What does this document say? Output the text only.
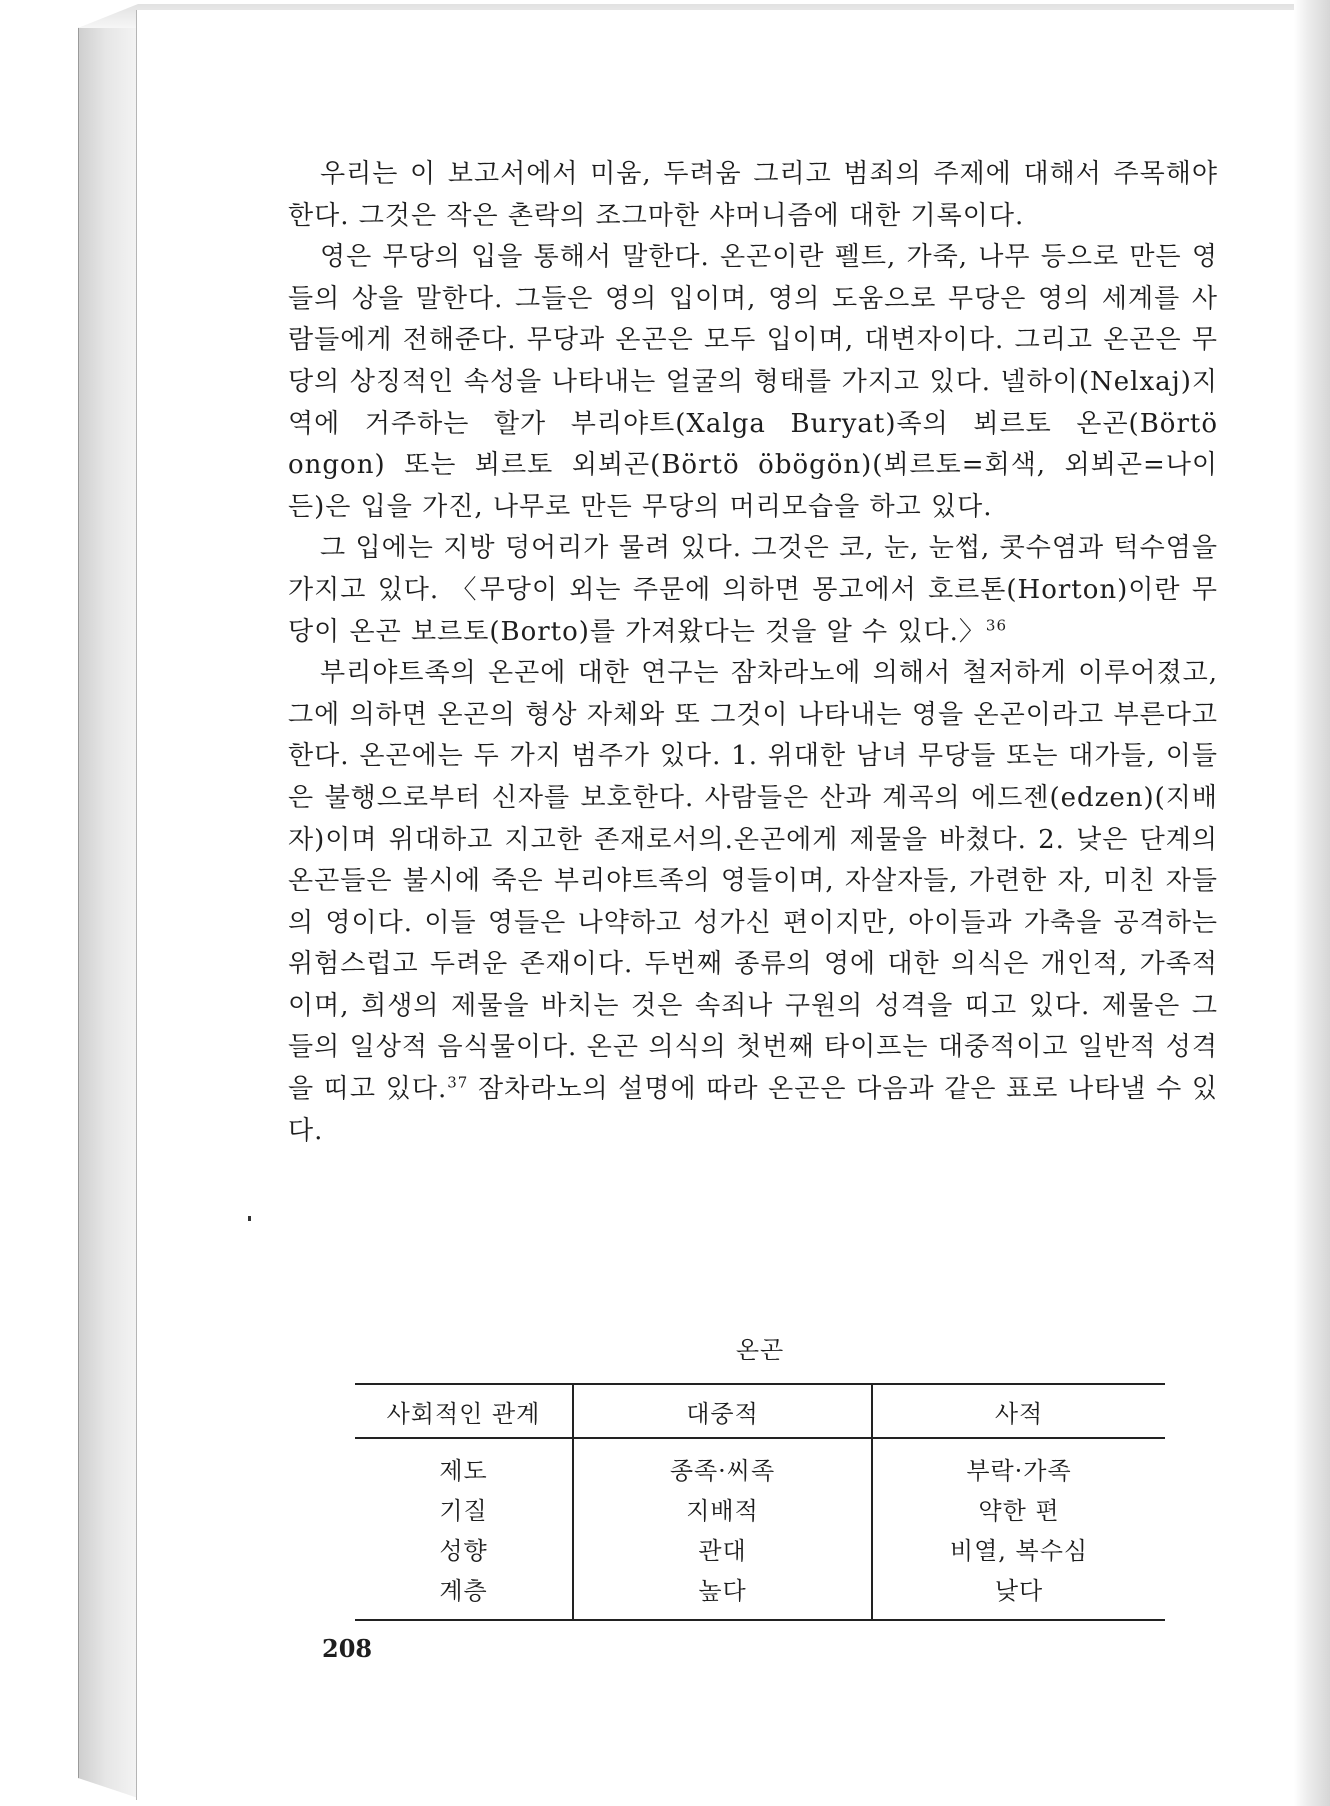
우리는 이 보고서에서 미움, 두려움 그리고 범죄의 주제에 대해서 주목해야 한다. 그것은 작은 촌락의 조그마한 샤머니즘에 대한 기록이다.

영은 무당의 입을 통해서 말한다. 온곤이란 펠트, 가죽, 나무 등으로 만든 영들의 상을 말한다. 그들은 영의 입이며, 영의 도움으로 무당은 영의 세계를 사람들에게 전해준다. 무당과 온곤은 모두 입이며, 대변자이다. 그리고 온곤은 무당의 상징적인 속성을 나타내는 얼굴의 형태를 가지고 있다. 넬하이(Nelxaj)지역에 거주하는 할가 부리야트(Xalga Buryat)족의 뵈르토 온곤(Börtö ongon) 또는 뵈르토 외뵈곤(Börtö öbögön)(뵈르토=회색, 외뵈곤=나이 든)은 입을 가진, 나무로 만든 무당의 머리모습을 하고 있다.

그 입에는 지방 덩어리가 물려 있다. 그것은 코, 눈, 눈썹, 콧수염과 턱수염을 가지고 있다. 〈무당이 외는 주문에 의하면 몽고에서 호르톤(Horton)이란 무당이 온곤 보르토(Borto)를 가져왔다는 것을 알 수 있다.〉$^{36}$

부리야트족의 온곤에 대한 연구는 잠차라노에 의해서 철저하게 이루어졌고, 그에 의하면 온곤의 형상 자체와 또 그것이 나타내는 영을 온곤이라고 부른다고 한다. 온곤에는 두 가지 범주가 있다. 1. 위대한 남녀 무당들 또는 대가들, 이들은 불행으로부터 신자를 보호한다. 사람들은 산과 계곡의 에드젠(edzen)(지배자)이며 위대하고 지고한 존재로서의.온곤에게 제물을 바쳤다. 2. 낮은 단계의 온곤들은 불시에 죽은 부리야트족의 영들이며, 자살자들, 가련한 자, 미친 자들의 영이다. 이들 영들은 나약하고 성가신 편이지만, 아이들과 가축을 공격하는 위험스럽고 두려운 존재이다. 두번째 종류의 영에 대한 의식은 개인적, 가족적이며, 희생의 제물을 바치는 것은 속죄나 구원의 성격을 띠고 있다. 제물은 그들의 일상적 음식물이다. 온곤 의식의 첫번째 타이프는 대중적이고 일반적 성격을 띠고 있다.$^{37}$ 잠차라노의 설명에 따라 온곤은 다음과 같은 표로 나타낼 수 있다.

온곤
사회적인 관계	대중적	사적
제도	종족·씨족	부락·가족
기질	지배적	약한 편
성향	관대	비열, 복수심
계층	높다	낮다
208
